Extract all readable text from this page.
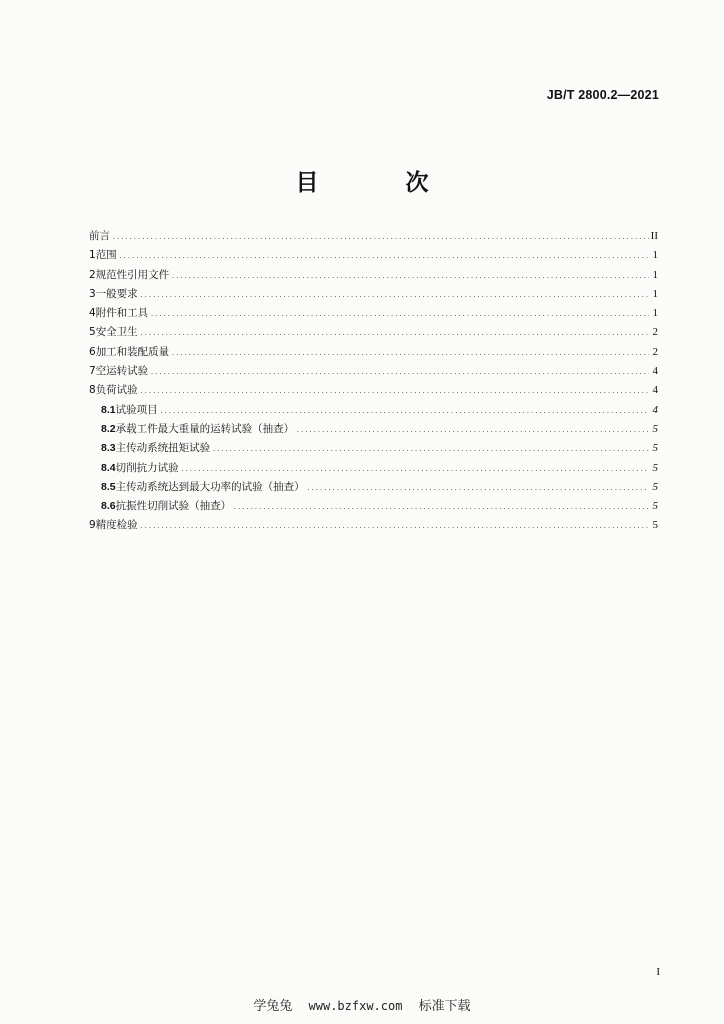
JB/T 2800.2—2021
目　次
前言 .....	II
1 范围 .....	1
2 规范性引用文件 .....	1
3 一般要求 .....	1
4 附件和工具 .....	1
5 安全卫生 .....	2
6 加工和装配质量 .....	2
7 空运转试验 .....	4
8 负荷试验 .....	4
8.1 试验项目 .....	4
8.2 承载工件最大重量的运转试验（抽查） .....	5
8.3 主传动系统扭矩试验 .....	5
8.4 切削抗力试验 .....	5
8.5 主传动系统达到最大功率的试验（抽查） .....	5
8.6 抗振性切削试验（抽查） .....	5
9 精度检验 .....	5
I
学兔兔 www.bzfxw.com 标准下载
